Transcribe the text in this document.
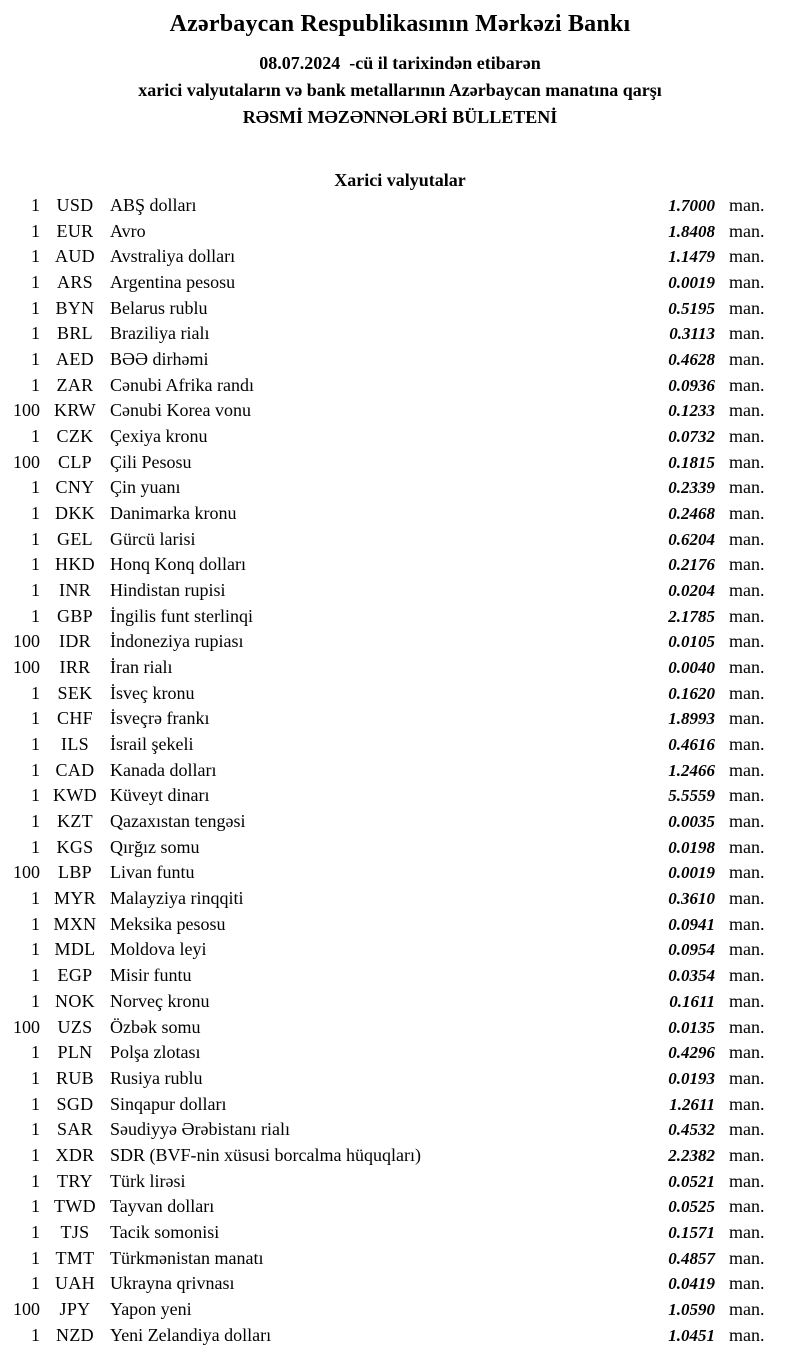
Azərbaycan Respublikasının Mərkəzi Bankı
08.07.2024  -cü il tarixindən etibarən
xarici valyutaların və bank metallarının Azərbaycan manatına qarşı
RƏSMİ MƏZƏNNƏLƏRİ BÜLLETENİ
Xarici valyutalar
1 USD ABŞ dolları	1.7000 man.
1 EUR Avro	1.8408 man.
1 AUD Avstraliya dolları	1.1479 man.
1 ARS Argentina pesosu	0.0019 man.
1 BYN Belarus rublu	0.5195 man.
1 BRL Braziliya rialı	0.3113 man.
1 AED BƏƏ dirhəmi	0.4628 man.
1 ZAR Cənubi Afrika randı	0.0936 man.
100 KRW Cənubi Korea vonu	0.1233 man.
1 CZK Çexiya kronu	0.0732 man.
100	CLP	Çili Pesosu	0.1815 man.
1 CNY Çin yuanı	0.2339 man.
1 DKK Danimarka kronu	0.2468 man.
1 GEL Gürcü larisi	0.6204 man.
1 HKD Honq Konq dolları	0.2176 man.
1	INR	Hindistan rupisi	0.0204 man.
1 GBP İngilis funt sterlinqi	2.1785 man.
100	IDR	İndoneziya rupiası	0.0105 man.
100	IRR	İran rialı	0.0040 man.
1 SEK İsveç kronu	0.1620 man.
1 CHF İsveçrə frankı	1.8993 man.
1	ILS	İsrail şekeli	0.4616 man.
1 CAD Kanada dolları	1.2466 man.
1 KWD Küveyt dinarı	5.5559 man.
1 KZT Qazaxıstan tengəsi	0.0035 man.
1 KGS Qırğız somu	0.0198 man.
100	LBP	Livan funtu	0.0019 man.
1 MYR Malayziya rinqqiti	0.3610 man.
1 MXN Meksika pesosu	0.0941 man.
1 MDL Moldova leyi	0.0954 man.
1 EGP Misir funtu	0.0354 man.
1 NOK Norveç kronu	0.1611 man.
100 UZS Özbək somu	0.0135 man.
1 PLN Polşa zlotası	0.4296 man.
1 RUB Rusiya rublu	0.0193 man.
1 SGD Sinqapur dolları	1.2611 man.
1 SAR Səudiyyə Ərəbistanı rialı	0.4532 man.
1 XDR SDR (BVF-nin xüsusi borcalma hüquqları)	2.2382 man.
1 TRY Türk lirəsi	0.0521 man.
1 TWD Tayvan dolları	0.0525 man.
1	TJS	Tacik somonisi	0.1571 man.
1 TMT Türkmənistan manatı	0.4857 man.
1 UAH Ukrayna qrivnası	0.0419 man.
100	JPY	Yapon yeni	1.0590 man.
1 NZD Yeni Zelandiya dolları	1.0451 man.
